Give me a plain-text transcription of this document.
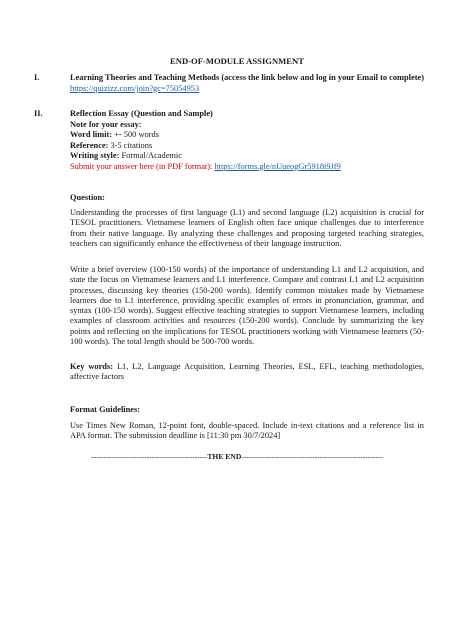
END-OF-MODULE ASSIGNMENT
I.	Learning Theories and Teaching Methods (access the link below and log in your Email to complete)
https://quizizz.com/join?gc=75054953
II.	Reflection Essay (Question and Sample)
Note for your essay:
Word limit: +- 500 words
Reference: 3-5 citations
Writing style: Formal/Academic
Submit your answer here (in PDF format): https://forms.gle/nUueogGr5918i9Jf9
Question:
Understanding the processes of first language (L1) and second language (L2) acquisition is crucial for TESOL practitioners. Vietnamese learners of English often face unique challenges due to interference from their native language. By analyzing these challenges and proposing targeted teaching strategies, teachers can significantly enhance the effectiveness of their language instruction.
Write a brief overview (100-150 words) of the importance of understanding L1 and L2 acquisition, and state the focus on Vietnamese learners and L1 interference. Compare and contrast L1 and L2 acquisition processes, discussing key theories (150-200 words). Identify common mistakes made by Vietnamese learners due to L1 interference, providing specific examples of errors in pronunciation, grammar, and syntax (100-150 words). Suggest effective teaching strategies to support Vietnamese learners, including examples of classroom activities and resources (150-200 words). Conclude by summarizing the key points and reflecting on the implications for TESOL practitioners working with Vietnamese learners (50-100 words). The total length should be 500-700 words.
Key words: L1, L2, Language Acquisition, Learning Theories, ESL, EFL, teaching methodologies, affective factors
Format Guidelines:
Use Times New Roman, 12-point font, double-spaced. Include in-text citations and a reference list in APA format. The submission deadline is [11:30 pm 30/7/2024]
----------------------------------------------THE END--------------------------------------------------------
